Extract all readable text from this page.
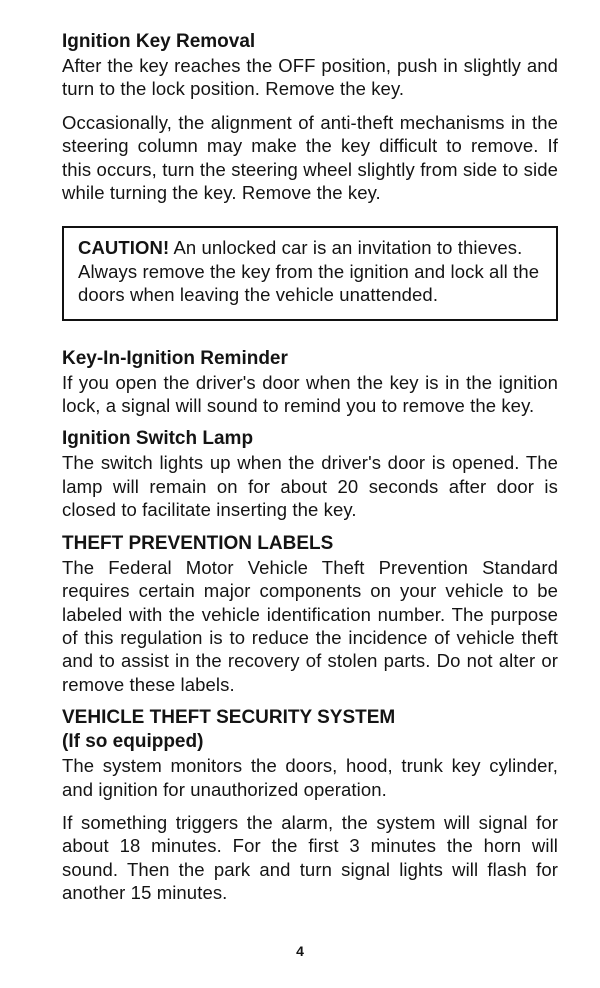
Ignition Key Removal

After the key reaches the OFF position, push in slightly and turn to the lock position. Remove the key.

Occasionally, the alignment of anti-theft mechanisms in the steering column may make the key difficult to remove. If this occurs, turn the steering wheel slightly from side to side while turning the key. Remove the key.

CAUTION! An unlocked car is an invitation to thieves. Always remove the key from the ignition and lock all the doors when leaving the vehicle unattended.

Key-In-Ignition Reminder

If you open the driver's door when the key is in the ignition lock, a signal will sound to remind you to remove the key.

Ignition Switch Lamp

The switch lights up when the driver's door is opened. The lamp will remain on for about 20 seconds after door is closed to facilitate inserting the key.

THEFT PREVENTION LABELS

The Federal Motor Vehicle Theft Prevention Standard requires certain major components on your vehicle to be labeled with the vehicle identification number. The purpose of this regulation is to reduce the incidence of vehicle theft and to assist in the recovery of stolen parts. Do not alter or remove these labels.

VEHICLE THEFT SECURITY SYSTEM
(If so equipped)

The system monitors the doors, hood, trunk key cylinder, and ignition for unauthorized operation.

If something triggers the alarm, the system will signal for about 18 minutes. For the first 3 minutes the horn will sound. Then the park and turn signal lights will flash for another 15 minutes.

4
